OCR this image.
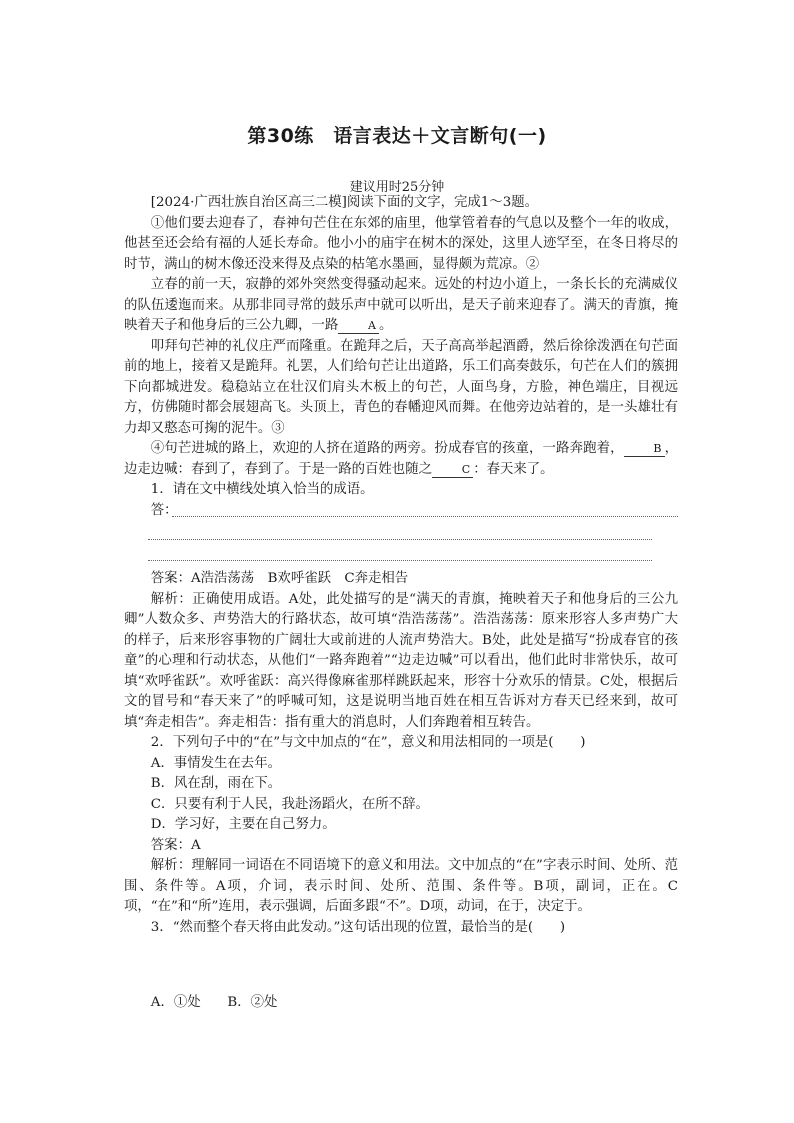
第30练　语言表达＋文言断句(一)
建议用时25分钟

[2024·广西壮族自治区高三二模]阅读下面的文字，完成1～3题。

①他们要去迎春了，春神句芒住在东郊的庙里，他掌管着春的气息以及整个一年的收成，他甚至还会给有福的人延长寿命。他小小的庙宇在树木的深处，这里人迹罕至，在冬日将尽的时节，满山的树木像还没来得及点染的枯笔水墨画，显得颇为荒凉。②

立春的前一天，寂静的郊外突然变得骚动起来。远处的村边小道上，一条长长的充满威仪的队伍逶迤而来。从那非同寻常的鼓乐声中就可以听出，是天子前来迎春了。满天的青旗，掩映着天子和他身后的三公九卿，一路	A 。

叩拜句芒神的礼仪庄严而隆重。在跪拜之后，天子高高举起酒爵，然后徐徐泼洒在句芒面前的地上，接着又是跪拜。礼罢，人们给句芒让出道路，乐工们高奏鼓乐，句芒在人们的簇拥下向都城进发。稳稳站立在壮汉们肩头木板上的句芒，人面鸟身，方脸，神色端庄，目视远方，仿佛随时都会展翅高飞。头顶上，青色的春幡迎风而舞。在他旁边站着的，是一头雄壮有力却又憨态可掬的泥牛。③

④句芒进城的路上，欢迎的人挤在道路的两旁。扮成春官的孩童，一路奔跑着，	B ，边走边喊：春到了，春到了。于是一路的百姓也随之	C ：春天来了。

1．请在文中横线处填入恰当的成语。

答：

答案：A浩浩荡荡　B欢呼雀跃　C奔走相告

解析：正确使用成语。A处，此处描写的是“满天的青旗，掩映着天子和他身后的三公九卿”人数众多、声势浩大的行路状态，故可填“浩浩荡荡”。浩浩荡荡：原来形容人多声势广大的样子，后来形容事物的广阔壮大或前进的人流声势浩大。B处，此处是描写“扮成春官的孩童”的心理和行动状态，从他们“一路奔跑着”“边走边喊”可以看出，他们此时非常快乐，故可填“欢呼雀跃”。欢呼雀跃：高兴得像麻雀那样跳跃起来，形容十分欢乐的情景。C处，根据后文的冒号和“春天来了”的呼喊可知，这是说明当地百姓在相互告诉对方春天已经来到，故可填“奔走相告”。奔走相告：指有重大的消息时，人们奔跑着相互转告。

2．下列句子中的“在”与文中加点的“在”，意义和用法相同的一项是(　　)

A．事情发生在去年。

B．风在刮，雨在下。

C．只要有利于人民，我赴汤蹈火，在所不辞。

D．学习好，主要在自己努力。

答案：A

解析：理解同一词语在不同语境下的意义和用法。文中加点的“在”字表示时间、处所、范围、条件等。A项，介词，表示时间、处所、范围、条件等。B项，副词，正在。C项，“在”和“所”连用，表示强调，后面多跟“不”。D项，动词，在于，决定于。

3．“然而整个春天将由此发动。”这句话出现的位置，最恰当的是(　　)

A．①处　　B．②处
